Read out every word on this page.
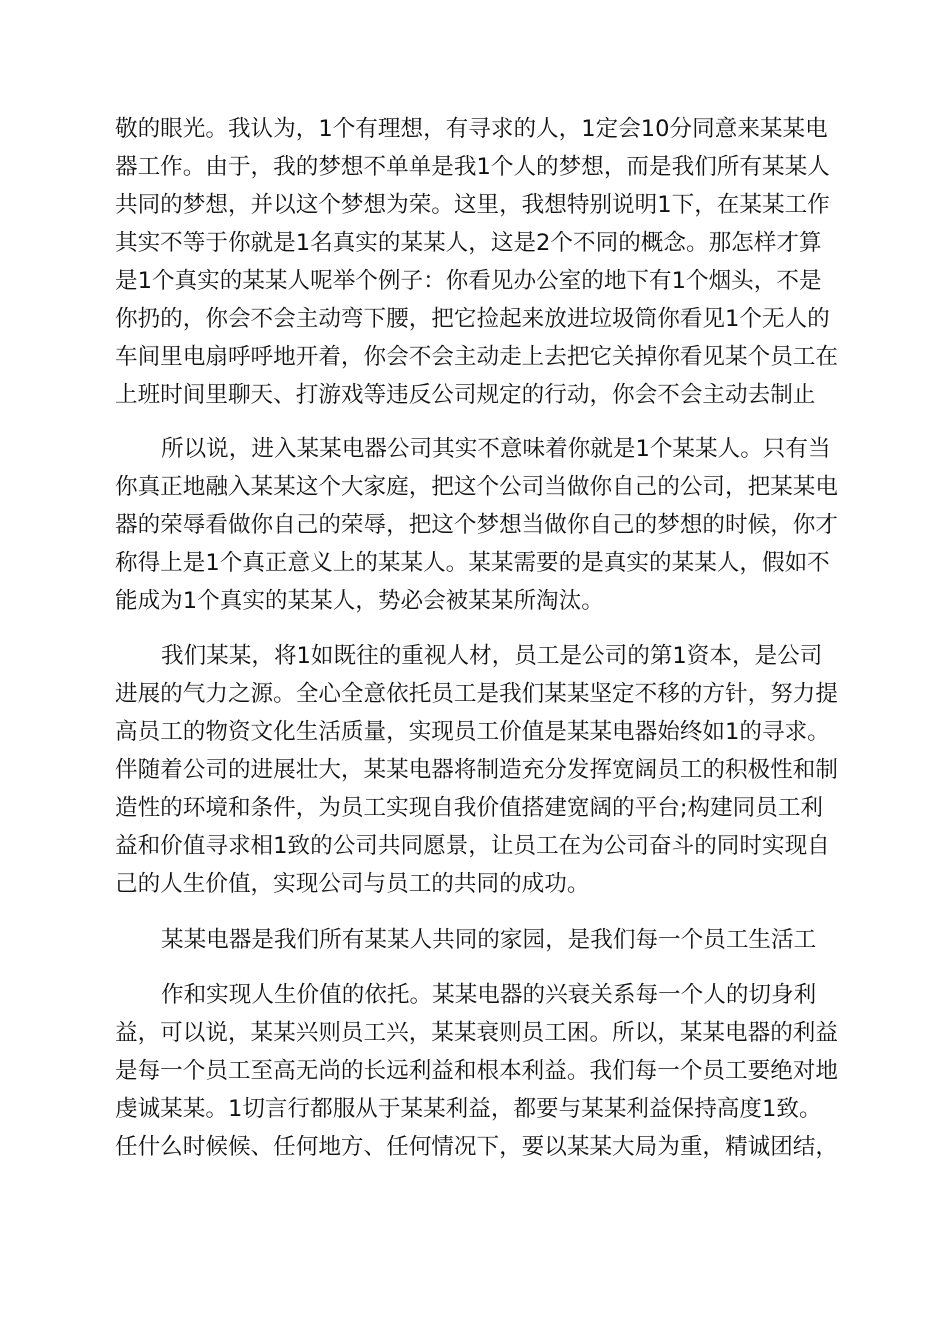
敬的眼光。我认为，1个有理想，有寻求的人，1定会10分同意来某某电

器工作。由于，我的梦想不单单是我1个人的梦想，而是我们所有某某人

共同的梦想，并以这个梦想为荣。这里，我想特别说明1下，在某某工作

其实不等于你就是1名真实的某某人，这是2个不同的概念。那怎样才算

是1个真实的某某人呢举个例子：你看见办公室的地下有1个烟头，不是

你扔的，你会不会主动弯下腰，把它捡起来放进垃圾筒你看见1个无人的

车间里电扇呼呼地开着，你会不会主动走上去把它关掉你看见某个员工在

上班时间里聊天、打游戏等违反公司规定的行动，你会不会主动去制止

所以说，进入某某电器公司其实不意味着你就是1个某某人。只有当

你真正地融入某某这个大家庭，把这个公司当做你自己的公司，把某某电

器的荣辱看做你自己的荣辱，把这个梦想当做你自己的梦想的时候，你才

称得上是1个真正意义上的某某人。某某需要的是真实的某某人，假如不

能成为1个真实的某某人，势必会被某某所淘汰。

我们某某，将1如既往的重视人材，员工是公司的第1资本，是公司

进展的气力之源。全心全意依托员工是我们某某坚定不移的方针，努力提

高员工的物资文化生活质量，实现员工价值是某某电器始终如1的寻求。

伴随着公司的进展壮大，某某电器将制造充分发挥宽阔员工的积极性和制

造性的环境和条件，为员工实现自我价值搭建宽阔的平台;构建同员工利

益和价值寻求相1致的公司共同愿景，让员工在为公司奋斗的同时实现自

己的人生价值，实现公司与员工的共同的成功。

某某电器是我们所有某某人共同的家园，是我们每一个员工生活工

作和实现人生价值的依托。某某电器的兴衰关系每一个人的切身利

益，可以说，某某兴则员工兴，某某衰则员工困。所以，某某电器的利益

是每一个员工至高无尚的长远利益和根本利益。我们每一个员工要绝对地

虔诚某某。1切言行都服从于某某利益，都要与某某利益保持高度1致。

任什么时候候、任何地方、任何情况下，要以某某大局为重，精诚团结，
